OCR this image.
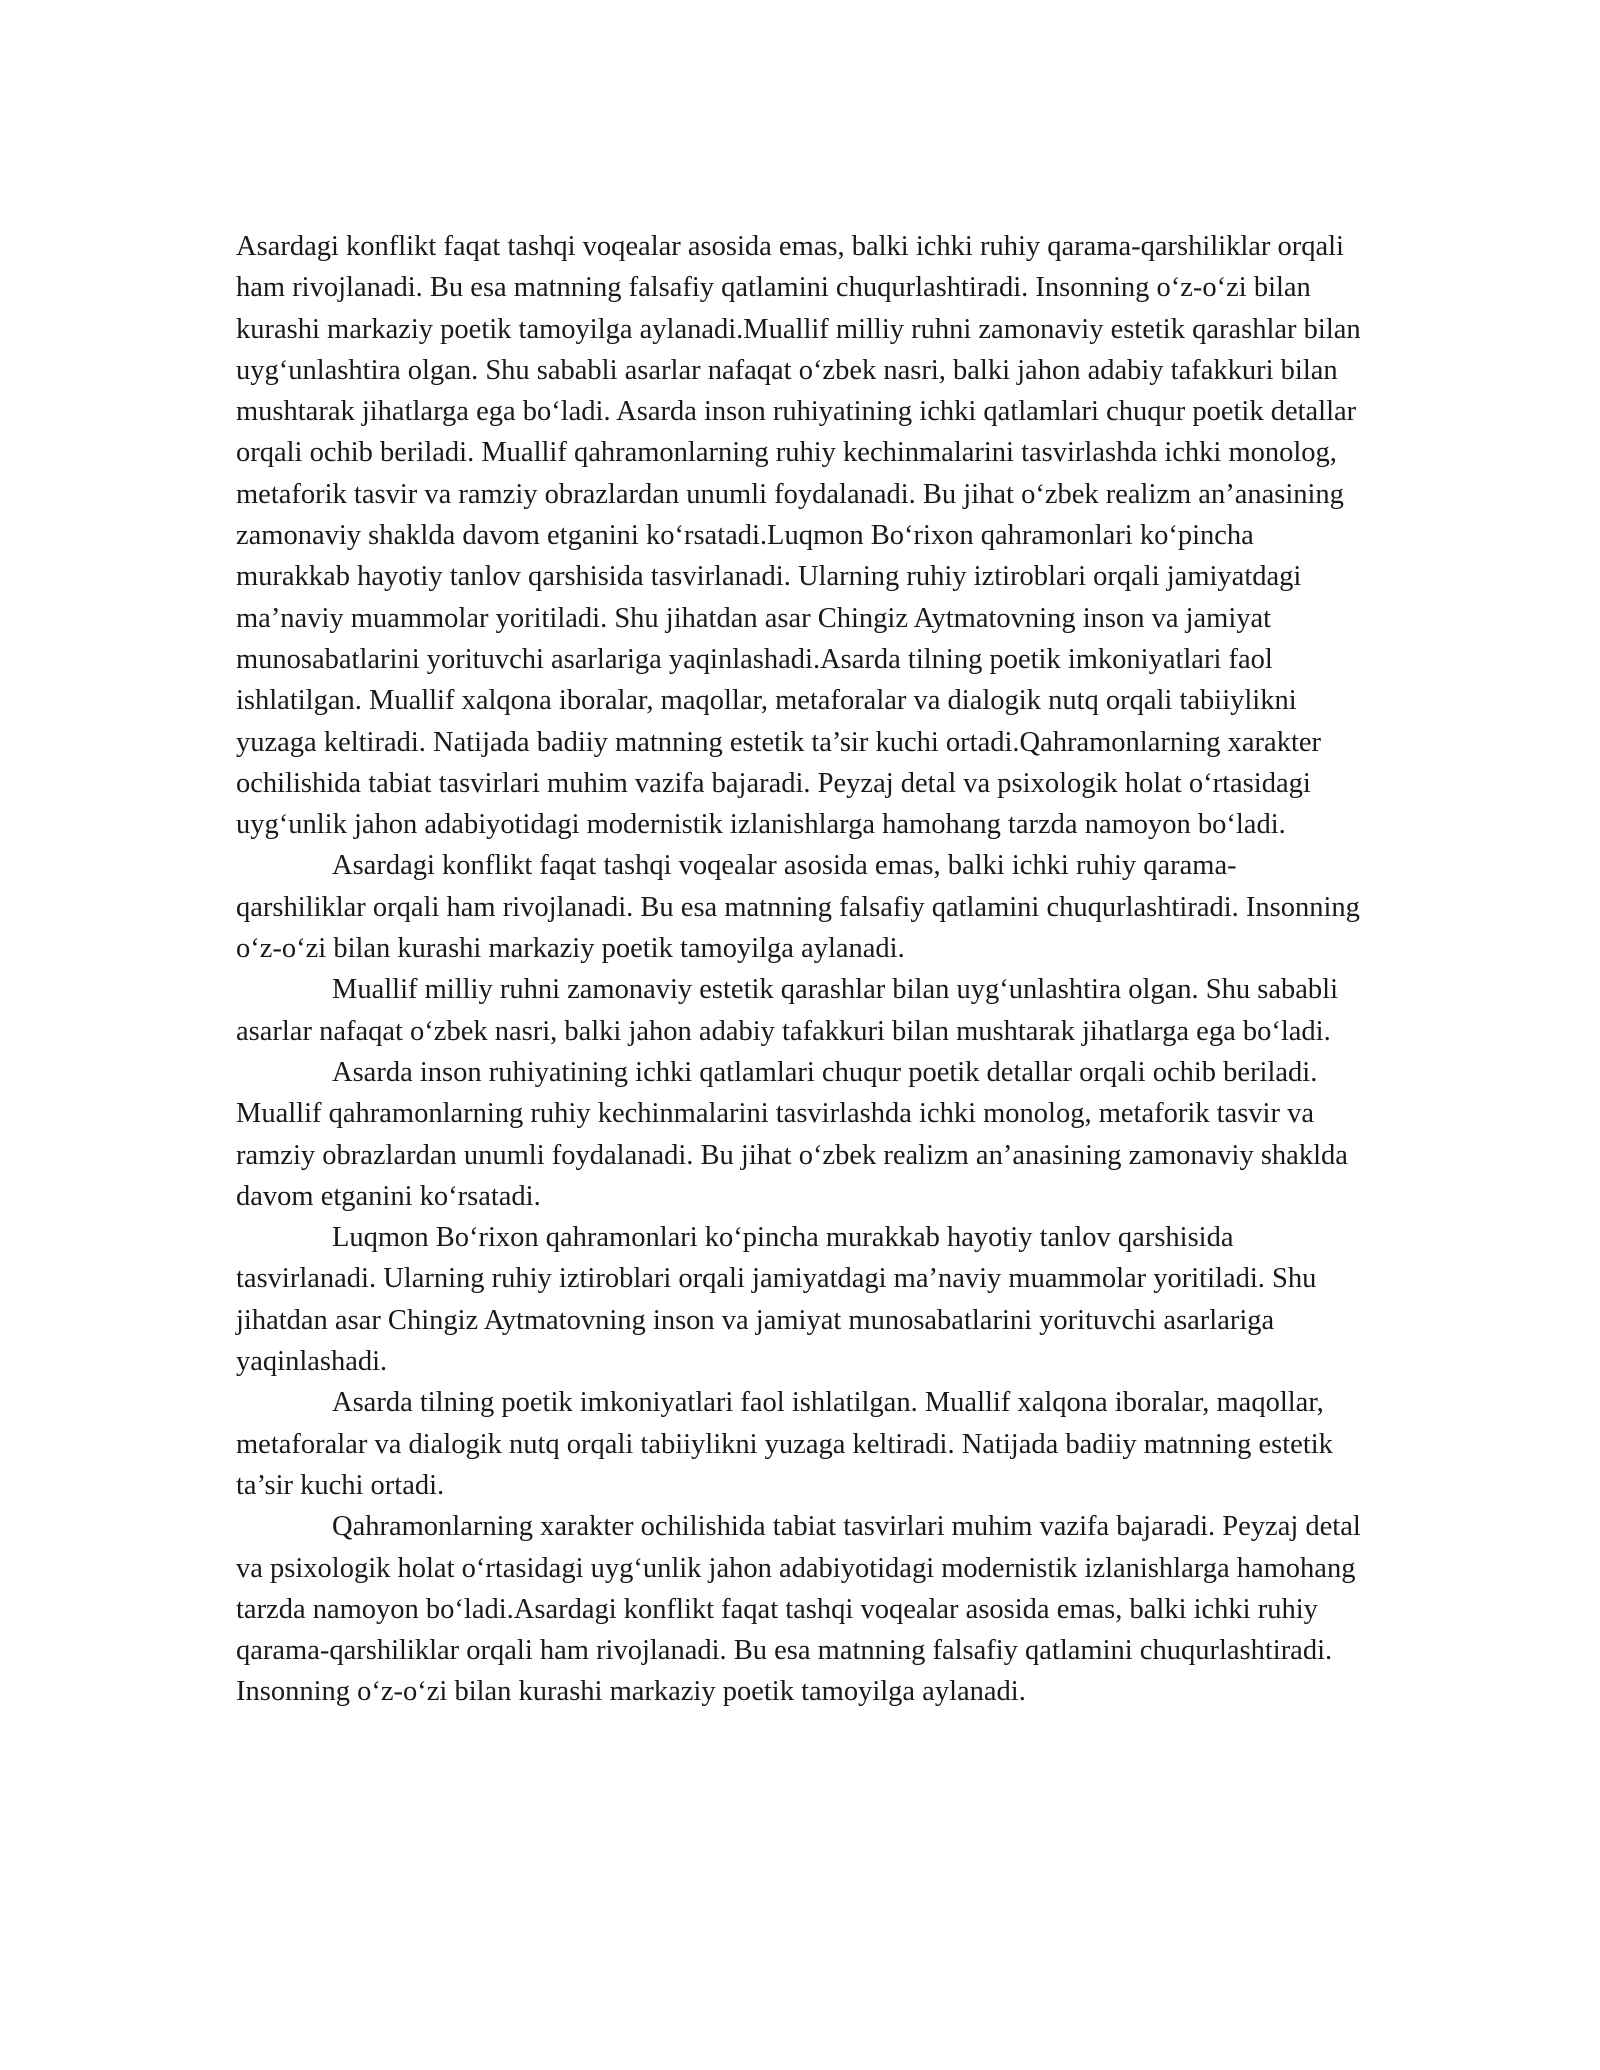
Asardagi konflikt faqat tashqi voqealar asosida emas, balki ichki ruhiy qarama-qarshiliklar orqali ham rivojlanadi. Bu esa matnning falsafiy qatlamini chuqurlashtiradi. Insonning o‘z-o‘zi bilan kurashi markaziy poetik tamoyilga aylanadi.Muallif milliy ruhni zamonaviy estetik qarashlar bilan uyg‘unlashtira olgan. Shu sababli asarlar nafaqat o‘zbek nasri, balki jahon adabiy tafakkuri bilan mushtarak jihatlarga ega bo‘ladi. Asarda inson ruhiyatining ichki qatlamlari chuqur poetik detallar orqali ochib beriladi. Muallif qahramonlarning ruhiy kechinmalarini tasvirlashda ichki monolog, metaforik tasvir va ramziy obrazlardan unumli foydalanadi. Bu jihat o‘zbek realizm an’anasining zamonaviy shaklda davom etganini ko‘rsatadi.Luqmon Bo‘rixon qahramonlari ko‘pincha murakkab hayotiy tanlov qarshisida tasvirlanadi. Ularning ruhiy iztiroblari orqali jamiyatdagi ma’naviy muammolar yoritiladi. Shu jihatdan asar Chingiz Aytmatovning inson va jamiyat munosabatlarini yorituvchi asarlariga yaqinlashadi.Asarda tilning poetik imkoniyatlari faol ishlatilgan. Muallif xalqona iboralar, maqollar, metaforalar va dialogik nutq orqali tabiiylikni yuzaga keltiradi. Natijada badiiy matnning estetik ta’sir kuchi ortadi.Qahramonlarning xarakter ochilishida tabiat tasvirlari muhim vazifa bajaradi. Peyzaj detal va psixologik holat o‘rtasidagi uyg‘unlik jahon adabiyotidagi modernistik izlanishlarga hamohang tarzda namoyon bo‘ladi.

Asardagi konflikt faqat tashqi voqealar asosida emas, balki ichki ruhiy qarama-qarshiliklar orqali ham rivojlanadi. Bu esa matnning falsafiy qatlamini chuqurlashtiradi. Insonning o‘z-o‘zi bilan kurashi markaziy poetik tamoyilga aylanadi.

Muallif milliy ruhni zamonaviy estetik qarashlar bilan uyg‘unlashtira olgan. Shu sababli asarlar nafaqat o‘zbek nasri, balki jahon adabiy tafakkuri bilan mushtarak jihatlarga ega bo‘ladi.

Asarda inson ruhiyatining ichki qatlamlari chuqur poetik detallar orqali ochib beriladi. Muallif qahramonlarning ruhiy kechinmalarini tasvirlashda ichki monolog, metaforik tasvir va ramziy obrazlardan unumli foydalanadi. Bu jihat o‘zbek realizm an’anasining zamonaviy shaklda davom etganini ko‘rsatadi.

Luqmon Bo‘rixon qahramonlari ko‘pincha murakkab hayotiy tanlov qarshisida tasvirlanadi. Ularning ruhiy iztiroblari orqali jamiyatdagi ma’naviy muammolar yoritiladi. Shu jihatdan asar Chingiz Aytmatovning inson va jamiyat munosabatlarini yorituvchi asarlariga yaqinlashadi.

Asarda tilning poetik imkoniyatlari faol ishlatilgan. Muallif xalqona iboralar, maqollar, metaforalar va dialogik nutq orqali tabiiylikni yuzaga keltiradi. Natijada badiiy matnning estetik ta’sir kuchi ortadi.

Qahramonlarning xarakter ochilishida tabiat tasvirlari muhim vazifa bajaradi. Peyzaj detal va psixologik holat o‘rtasidagi uyg‘unlik jahon adabiyotidagi modernistik izlanishlarga hamohang tarzda namoyon bo‘ladi.Asardagi konflikt faqat tashqi voqealar asosida emas, balki ichki ruhiy qarama-qarshiliklar orqali ham rivojlanadi. Bu esa matnning falsafiy qatlamini chuqurlashtiradi. Insonning o‘z-o‘zi bilan kurashi markaziy poetik tamoyilga aylanadi.
